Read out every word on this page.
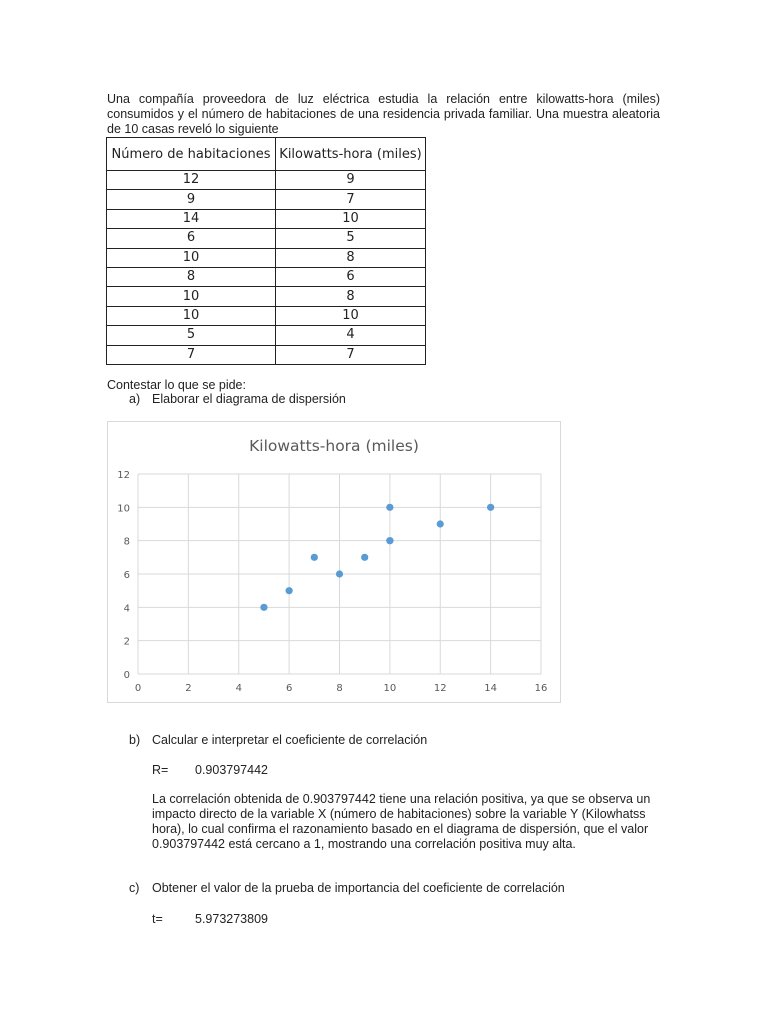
Una compañía proveedora de luz eléctrica estudia la relación entre kilowatts-hora (miles) consumidos y el número de habitaciones de una residencia privada familiar. Una muestra aleatoria de 10 casas reveló lo siguiente

Número de habitaciones	Kilowatts-hora (miles)
12	9
9	7
14	10
6	5
10	8
8	6
10	8
10	10
5	4
7	7

Contestar lo que se pide:

a) Elaborar el diagrama de dispersión
Kilowatts-hora (miles)
0
2
4
6
8
10
12
0	2	4	6	8	10	12	14	16
b) Calcular e interpretar el coeficiente de correlación
R= 0.903797442

La correlación obtenida de 0.903797442 tiene una relación positiva, ya que se observa un impacto directo de la variable X (número de habitaciones) sobre la variable Y (Kilowhatss hora), lo cual confirma el razonamiento basado en el diagrama de dispersión, que el valor 0.903797442 está cercano a 1, mostrando una correlación positiva muy alta.

c) Obtener el valor de la prueba de importancia del coeficiente de correlación
t=	5.973273809
